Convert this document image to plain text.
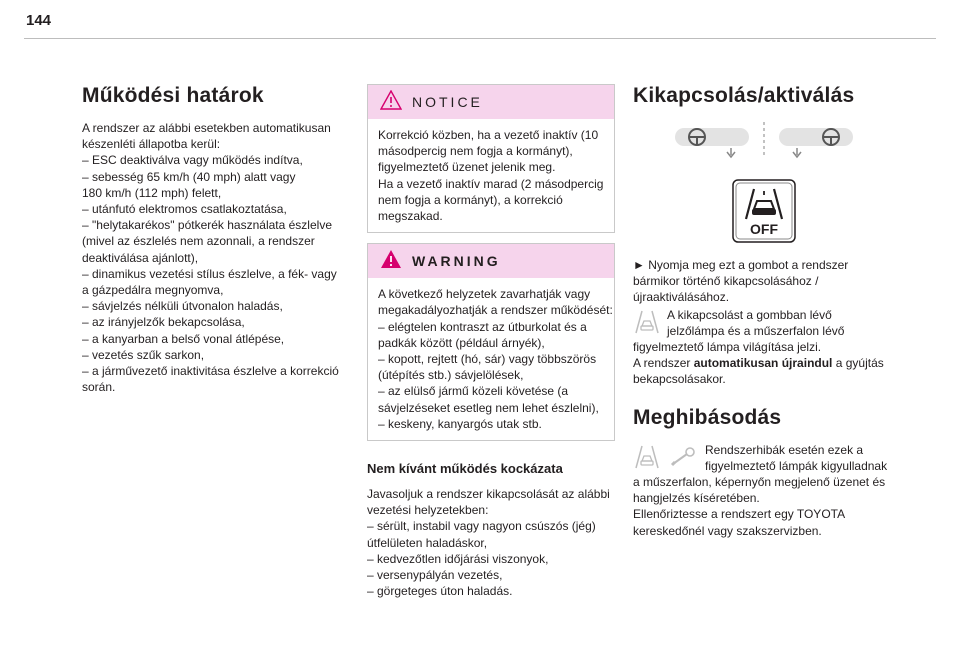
144
Működési határok
A rendszer az alábbi esetekben automatikusan
készenléti állapotba kerül:
– ESC deaktiválva vagy működés indítva,
– sebesség 65 km/h (40 mph) alatt vagy
180 km/h (112 mph) felett,
– utánfutó elektromos csatlakoztatása,
– "helytakarékos" pótkerék használata észlelve
(mivel az észlelés nem azonnali, a rendszer
deaktiválása ajánlott),
– dinamikus vezetési stílus észlelve, a fék- vagy
a gázpedálra megnyomva,
– sávjelzés nélküli útvonalon haladás,
– az irányjelzők bekapcsolása,
– a kanyarban a belső vonal átlépése,
– vezetés szűk sarkon,
– a járművezető inaktivitása észlelve a korrekció
során.
NOTICE
Korrekció közben, ha a vezető inaktív (10
másodpercig nem fogja a kormányt),
figyelmeztető üzenet jelenik meg.
Ha a vezető inaktív marad (2 másodpercig
nem fogja a kormányt), a korrekció
megszakad.
WARNING
A következő helyzetek zavarhatják vagy
megakadályozhatják a rendszer működését:
– elégtelen kontraszt az útburkolat és a
padkák között (például árnyék),
– kopott, rejtett (hó, sár) vagy többszörös
(útépítés stb.) sávjelölések,
– az elülső jármű közeli követése (a
sávjelzéseket esetleg nem lehet észlelni),
– keskeny, kanyargós utak stb.
Nem kívánt működés kockázata
Javasoljuk a rendszer kikapcsolását az alábbi
vezetési helyzetekben:
– sérült, instabil vagy nagyon csúszós (jég)
útfelületen haladáskor,
– kedvezőtlen időjárási viszonyok,
– versenypályán vezetés,
– görgeteges úton haladás.
Kikapcsolás/aktiválás
► Nyomja meg ezt a gombot a rendszer
bármikor történő kikapcsolásához /
újraaktiválásához.
A kikapcsolást a gombban lévő
jelzőlámpa és a műszerfalon lévő
figyelmeztető lámpa világítása jelzi.
A rendszer automatikusan újraindul a gyújtás
bekapcsolásakor.
Meghibásodás
Rendszerhibák esetén ezek a
figyelmeztető lámpák kigyulladnak
a műszerfalon, képernyőn megjelenő üzenet és
hangjelzés kíséretében.
Ellenőriztesse a rendszert egy TOYOTA
kereskedőnél vagy szakszervizben.
